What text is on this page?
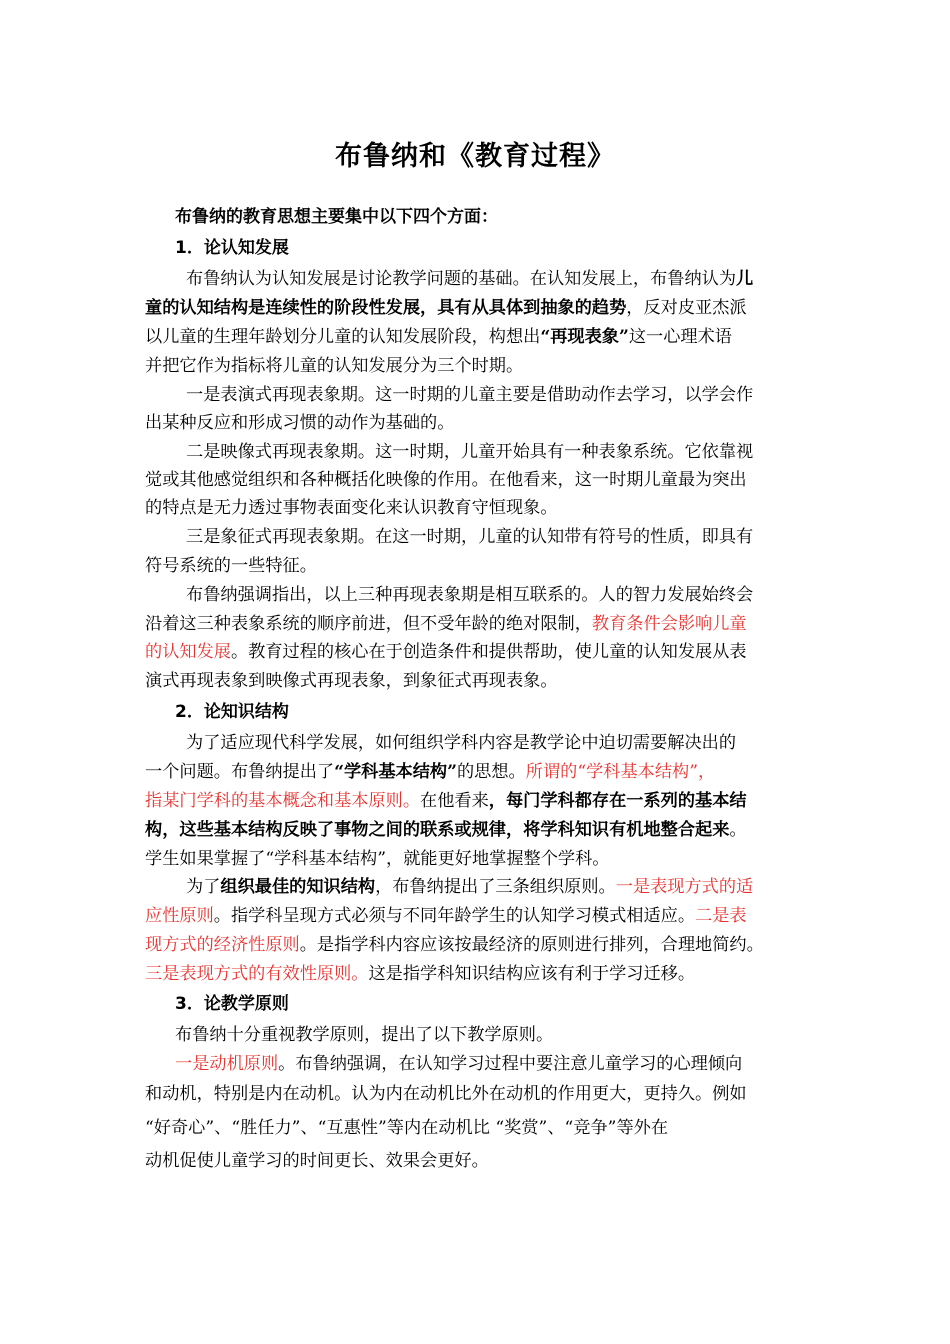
布鲁纳和《教育过程》
布鲁纳的教育思想主要集中以下四个方面：
1．论认知发展
布鲁纳认为认知发展是讨论教学问题的基础。在认知发展上，布鲁纳认为儿
童的认知结构是连续性的阶段性发展，具有从具体到抽象的趋势，反对皮亚杰派
以儿童的生理年龄划分儿童的认知发展阶段，构想出“再现表象”这一心理术语
并把它作为指标将儿童的认知发展分为三个时期。
一是表演式再现表象期。这一时期的儿童主要是借助动作去学习，以学会作
出某种反应和形成习惯的动作为基础的。
二是映像式再现表象期。这一时期，儿童开始具有一种表象系统。它依靠视
觉或其他感觉组织和各种概括化映像的作用。在他看来，这一时期儿童最为突出
的特点是无力透过事物表面变化来认识教育守恒现象。
三是象征式再现表象期。在这一时期，儿童的认知带有符号的性质，即具有
符号系统的一些特征。
布鲁纳强调指出，以上三种再现表象期是相互联系的。人的智力发展始终会
沿着这三种表象系统的顺序前进，但不受年龄的绝对限制，教育条件会影响儿童
的认知发展。教育过程的核心在于创造条件和提供帮助，使儿童的认知发展从表
演式再现表象到映像式再现表象，到象征式再现表象。
2．论知识结构
为了适应现代科学发展，如何组织学科内容是教学论中迫切需要解决出的
一个问题。布鲁纳提出了“学科基本结构”的思想。所谓的“学科基本结构”，
指某门学科的基本概念和基本原则。在他看来，每门学科都存在一系列的基本结
构，这些基本结构反映了事物之间的联系或规律，将学科知识有机地整合起来。
学生如果掌握了“学科基本结构”，就能更好地掌握整个学科。
为了组织最佳的知识结构，布鲁纳提出了三条组织原则。一是表现方式的适
应性原则。指学科呈现方式必须与不同年龄学生的认知学习模式相适应。二是表
现方式的经济性原则。是指学科内容应该按最经济的原则进行排列，合理地简约。
三是表现方式的有效性原则。这是指学科知识结构应该有利于学习迁移。
3．论教学原则
布鲁纳十分重视教学原则，提出了以下教学原则。
一是动机原则。布鲁纳强调，在认知学习过程中要注意儿童学习的心理倾向
和动机，特别是内在动机。认为内在动机比外在动机的作用更大，更持久。例如
“好奇心”、“胜任力”、“互惠性”等内在动机比 “奖赏”、“竞争”等外在
动机促使儿童学习的时间更长、效果会更好。
